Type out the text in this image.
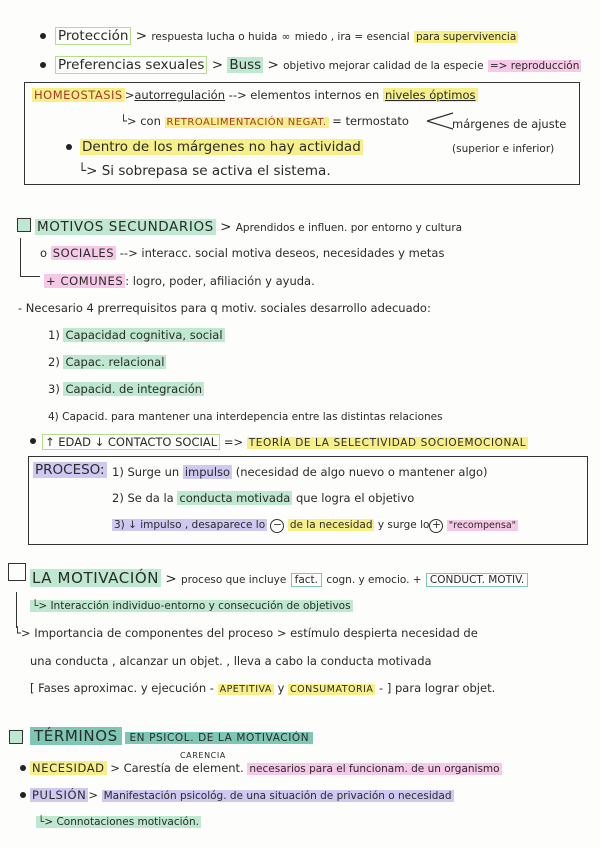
Protección > respuesta lucha o huida ∞ miedo , ira = esencial para supervivencia
Preferencias sexuales > Buss > objetivo mejorar calidad de la especie => reproducción
HOMEOSTASIS >autorregulación --> elementos internos en niveles óptimos
└> con RETROALIMENTACIÓN NEGAT. = termostato	márgenes de ajuste
(superior e inferior)
Dentro de los márgenes no hay actividad
└> Si sobrepasa se activa el sistema.
MOTIVOS SECUNDARIOS > Aprendidos e influen. por entorno y cultura
o SOCIALES --> interacc. social motiva deseos, necesidades y metas
+ COMUNES : logro, poder, afiliación y ayuda.
- Necesario 4 prerrequisitos para q motiv. sociales desarrollo adecuado:
1) Capacidad cognitiva, social
2) Capac. relacional
3) Capacid. de integración
4) Capacid. para mantener una interdepencia entre las distintas relaciones
↑ EDAD ↓ CONTACTO SOCIAL => TEORÍA DE LA SELECTIVIDAD SOCIOEMOCIONAL
PROCESO: 1) Surge un impulso (necesidad de algo nuevo o mantener algo)
2) Se da la conducta motivada que logra el objetivo
3) ↓ impulso , desaparece lo − de la necesidad y surge lo + "recompensa"
LA MOTIVACIÓN > proceso que incluye fact. cogn. y emocio. + CONDUCT. MOTIV.
└> Interacción individuo-entorno y consecución de objetivos
└> Importancia de componentes del proceso > estímulo despierta necesidad de
una conducta , alcanzar un objet. , lleva a cabo la conducta motivada
[ Fases aproximac. y ejecución - APETITIVA y CONSUMATORIA - ] para lograr objet.
TÉRMINOS EN PSICOL. DE LA MOTIVACIÓN
CARENCIA
NECESIDAD > Carestía de element. necesarios para el funcionam. de un organismo
PULSIÓN > Manifestación psicológ. de una situación de privación o necesidad
└> Connotaciones motivación.
